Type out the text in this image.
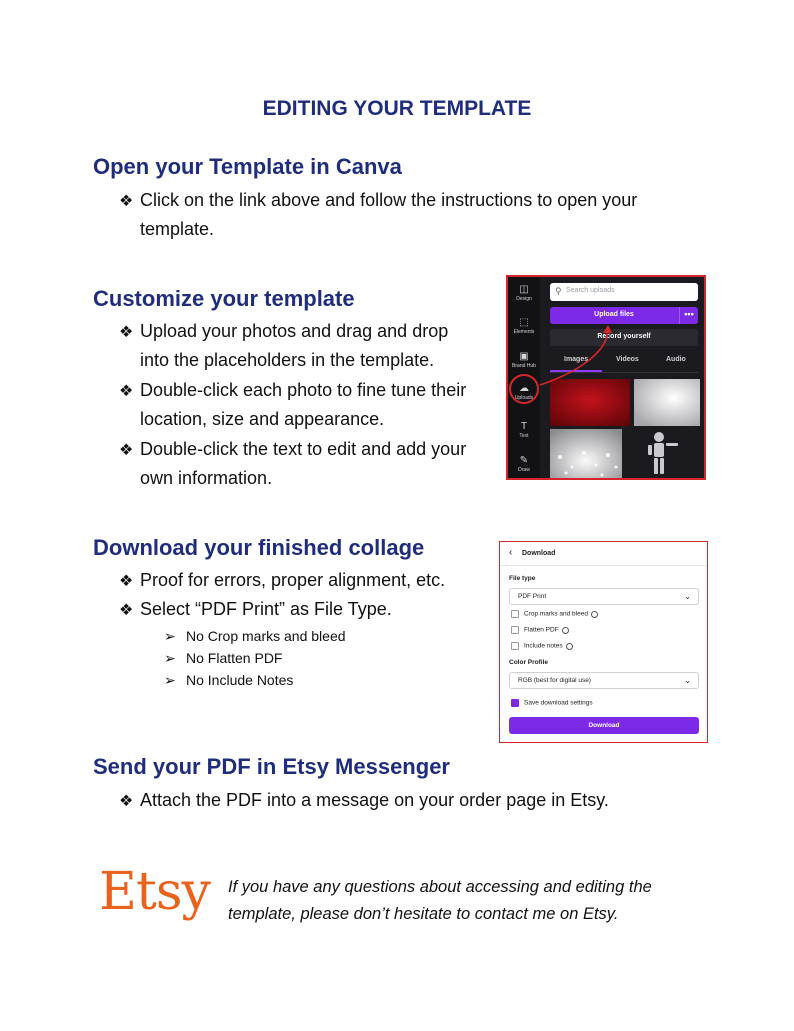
EDITING YOUR TEMPLATE
Open your Template in Canva
❖ Click on the link above and follow the instructions to open your
template.
Customize your template
❖ Upload your photos and drag and drop
into the placeholders in the template.
❖ Double-click each photo to fine tune their
location, size and appearance.
❖ Double-click the text to edit and add your
own information.
◫
Design
⬚
Elements
▣
Brand Hub
☁
Uploads
T
Text
✎
Draw
⚲ Search uploads
Upload files	•••
Record yourself
Images	Videos	Audio
Download your finished collage
❖ Proof for errors, proper alignment, etc.
❖ Select “PDF Print” as File Type.
➢ No Crop marks and bleed
➢ No Flatten PDF
➢ No Include Notes
‹ Download
File type
PDF Print	⌄
Crop marks and bleed
Flatten PDF
Include notes
Color Profile
RGB (best for digital use)	⌄
Save download settings
Download
Send your PDF in Etsy Messenger
❖ Attach the PDF into a message on your order page in Etsy.
Etsy If you have any questions about accessing and editing the
template, please don’t hesitate to contact me on Etsy.
